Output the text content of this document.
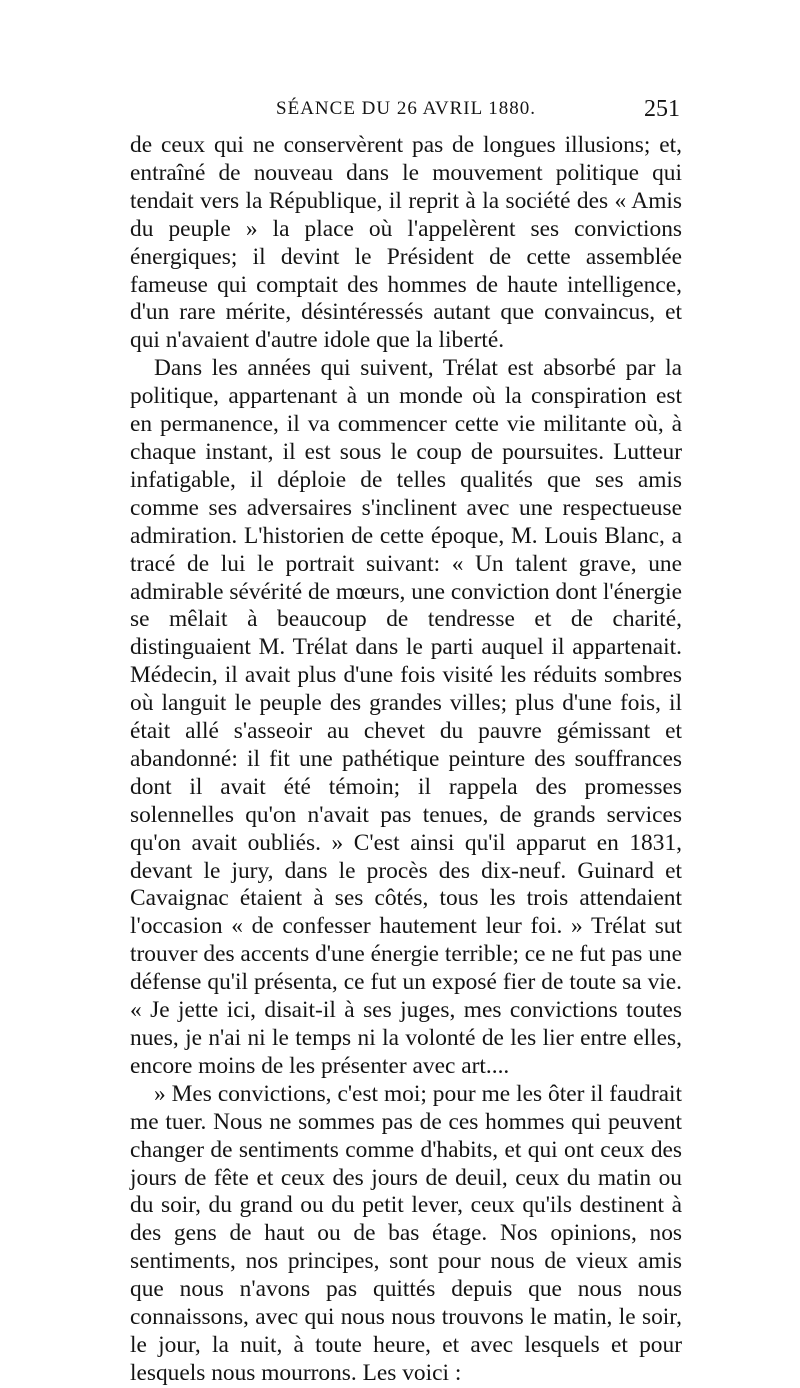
SÉANCE DU 26 AVRIL 1880.	251

de ceux qui ne conservèrent pas de longues illusions; et, entraîné de nouveau dans le mouvement politique qui tendait vers la République, il reprit à la société des « Amis du peuple » la place où l'appelèrent ses convictions énergiques; il devint le Président de cette assemblée fameuse qui comptait des hommes de haute intelligence, d'un rare mérite, désintéressés autant que convaincus, et qui n'avaient d'autre idole que la liberté.

Dans les années qui suivent, Trélat est absorbé par la politique, appartenant à un monde où la conspiration est en permanence, il va commencer cette vie militante où, à chaque instant, il est sous le coup de poursuites. Lutteur infatigable, il déploie de telles qualités que ses amis comme ses adversaires s'inclinent avec une respectueuse admiration. L'historien de cette époque, M. Louis Blanc, a tracé de lui le portrait suivant: « Un talent grave, une admirable sévérité de mœurs, une conviction dont l'énergie se mêlait à beaucoup de tendresse et de charité, distinguaient M. Trélat dans le parti auquel il appartenait. Médecin, il avait plus d'une fois visité les réduits sombres où languit le peuple des grandes villes; plus d'une fois, il était allé s'asseoir au chevet du pauvre gémissant et abandonné: il fit une pathétique peinture des souffrances dont il avait été témoin; il rappela des promesses solennelles qu'on n'avait pas tenues, de grands services qu'on avait oubliés. » C'est ainsi qu'il apparut en 1831, devant le jury, dans le procès des dix-neuf. Guinard et Cavaignac étaient à ses côtés, tous les trois attendaient l'occasion « de confesser hautement leur foi. » Trélat sut trouver des accents d'une énergie terrible; ce ne fut pas une défense qu'il présenta, ce fut un exposé fier de toute sa vie. « Je jette ici, disait-il à ses juges, mes convictions toutes nues, je n'ai ni le temps ni la volonté de les lier entre elles, encore moins de les présenter avec art....

» Mes convictions, c'est moi; pour me les ôter il faudrait me tuer. Nous ne sommes pas de ces hommes qui peuvent changer de sentiments comme d'habits, et qui ont ceux des jours de fête et ceux des jours de deuil, ceux du matin ou du soir, du grand ou du petit lever, ceux qu'ils destinent à des gens de haut ou de bas étage. Nos opinions, nos sentiments, nos principes, sont pour nous de vieux amis que nous n'avons pas quittés depuis que nous nous connaissons, avec qui nous nous trouvons le matin, le soir, le jour, la nuit, à toute heure, et avec lesquels et pour lesquels nous mourrons. Les voici :
